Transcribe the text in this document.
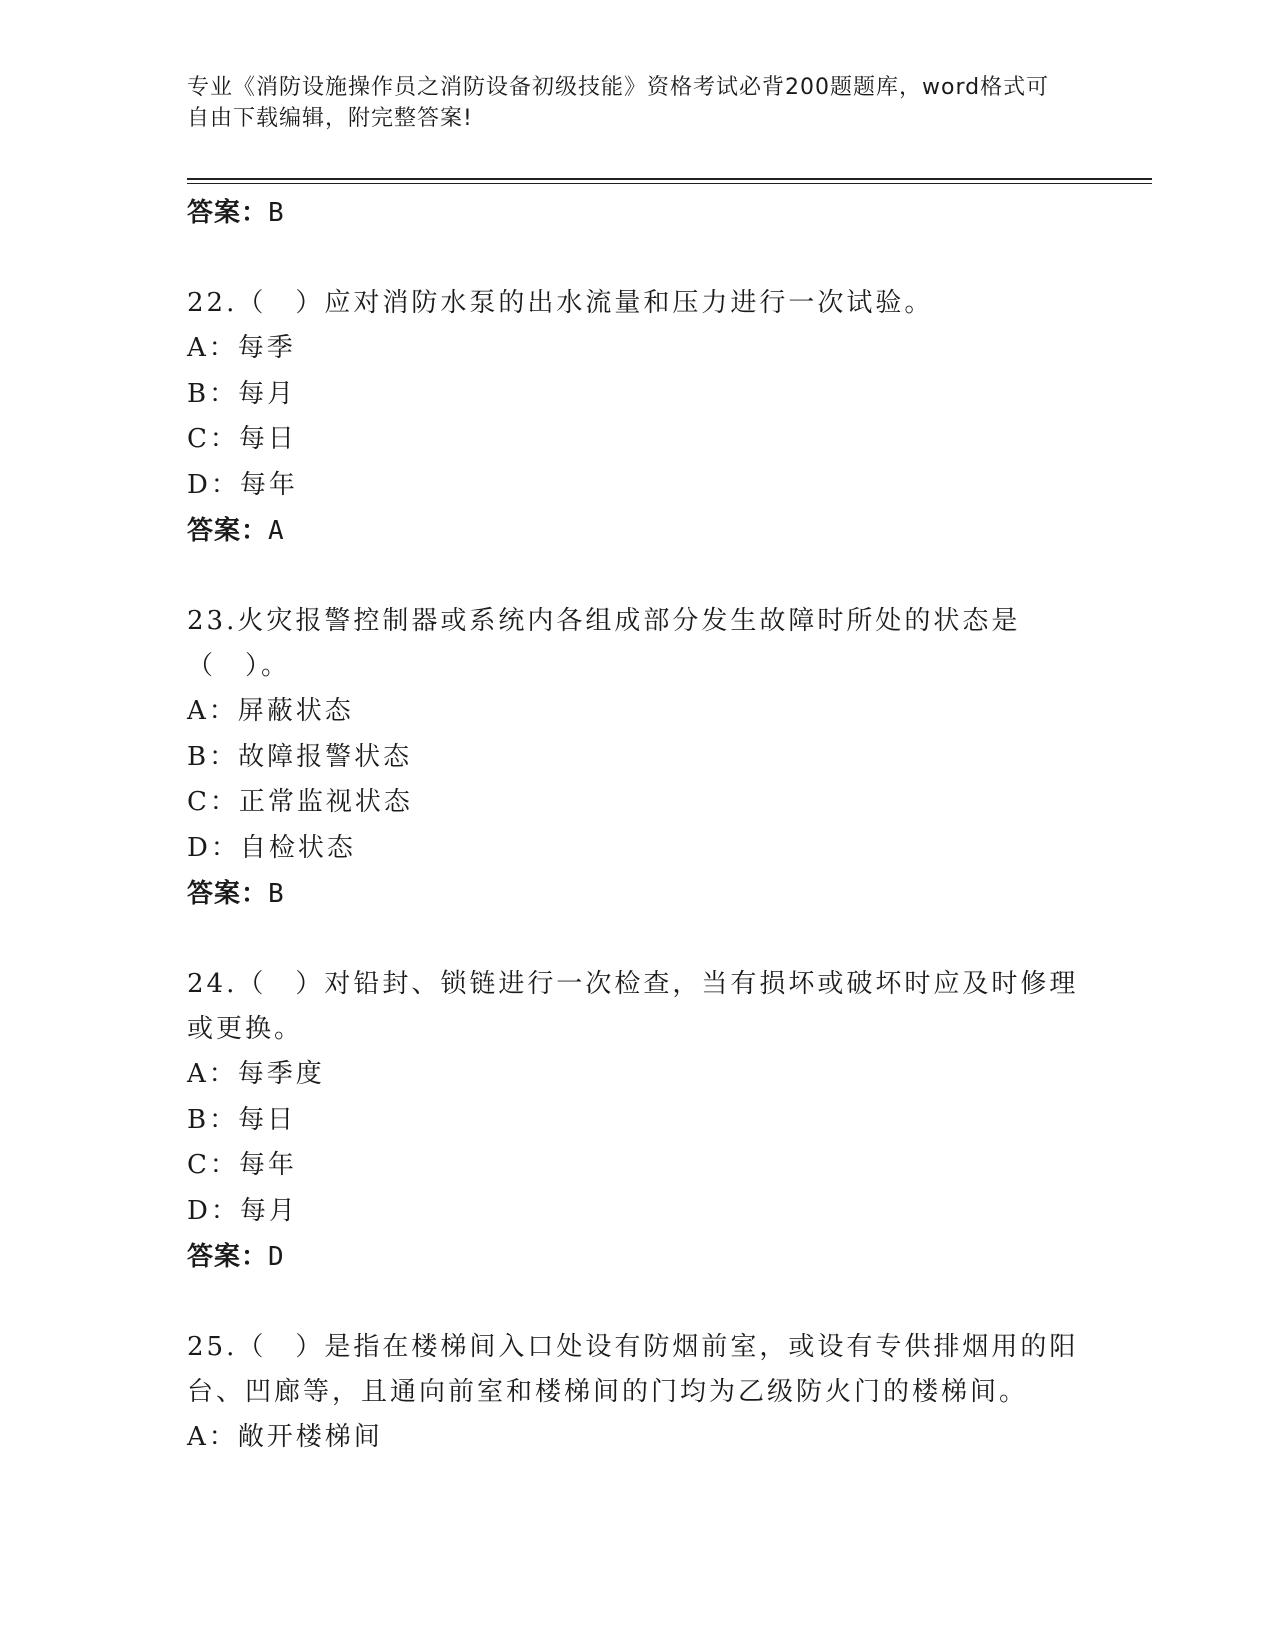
专业《消防设施操作员之消防设备初级技能》资格考试必背200题题库，word格式可自由下载编辑，附完整答案!
答案：B
22.（　）应对消防水泵的出水流量和压力进行一次试验。
A：每季
B：每月
C：每日
D：每年
答案：A
23.火灾报警控制器或系统内各组成部分发生故障时所处的状态是（　）。
A：屏蔽状态
B：故障报警状态
C：正常监视状态
D：自检状态
答案：B
24.（　）对铅封、锁链进行一次检查，当有损坏或破坏时应及时修理或更换。
A：每季度
B：每日
C：每年
D：每月
答案：D
25.（　）是指在楼梯间入口处设有防烟前室，或设有专供排烟用的阳台、凹廊等，且通向前室和楼梯间的门均为乙级防火门的楼梯间。
A：敞开楼梯间
